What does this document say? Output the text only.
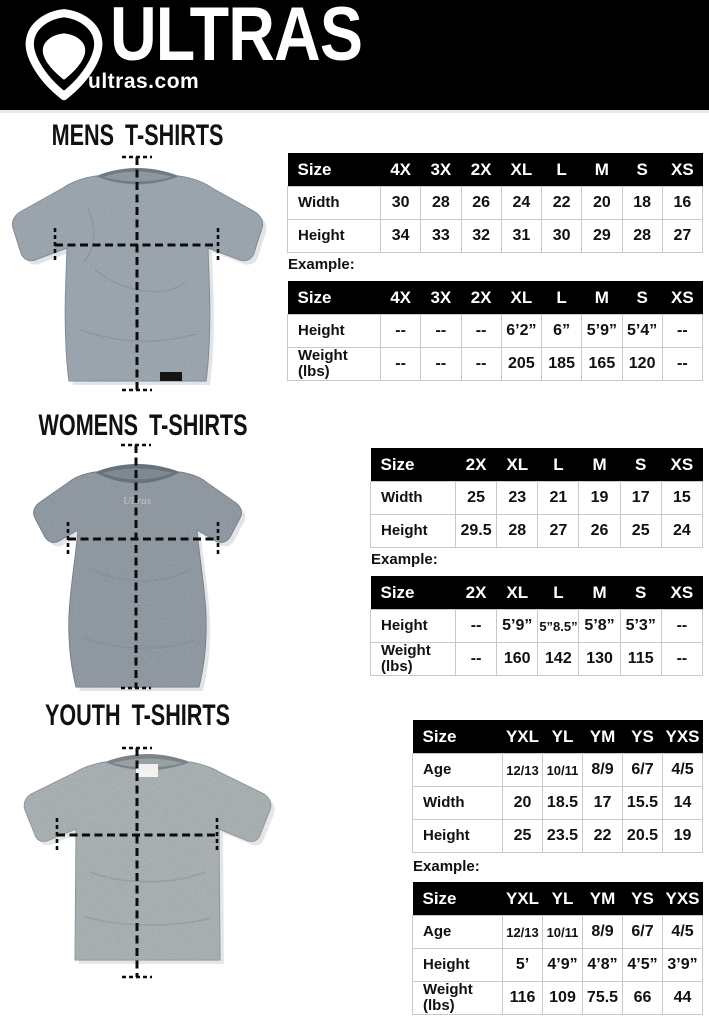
ULTRAS
ultras.com
MENS T-SHIRTS
Size	4X	3X	2X	XL	L	M	S	XS
Width	30	28	26	24	22	20	18	16
Height	34	33	32	31	30	29	28	27
Example:
Size	4X	3X	2X	XL	L	M	S	XS
Height	--	--	--	6’2”	6”	5’9”	5’4”	--
Weight (lbs)	--	--	--	205	185	165	120	--
WOMENS T-SHIRTS
Ultras
Size	2X	XL	L	M	S	XS
Width	25	23	21	19	17	15
Height	29.5	28	27	26	25	24
Example:
Size	2X	XL	L	M	S	XS
Height	--	5’9”	5”8.5”	5’8”	5’3”	--
Weight (lbs)	--	160	142	130	115	--
YOUTH T-SHIRTS
Size	YXL	YL	YM	YS	YXS
Age	12/13	10/11	8/9	6/7	4/5
Width	20	18.5	17	15.5	14
Height	25	23.5	22	20.5	19
Example:
Size	YXL	YL	YM	YS	YXS
Age	12/13	10/11	8/9	6/7	4/5
Height	5’	4’9”	4’8”	4’5”	3’9”
Weight (lbs)	116	109	75.5	66	44
